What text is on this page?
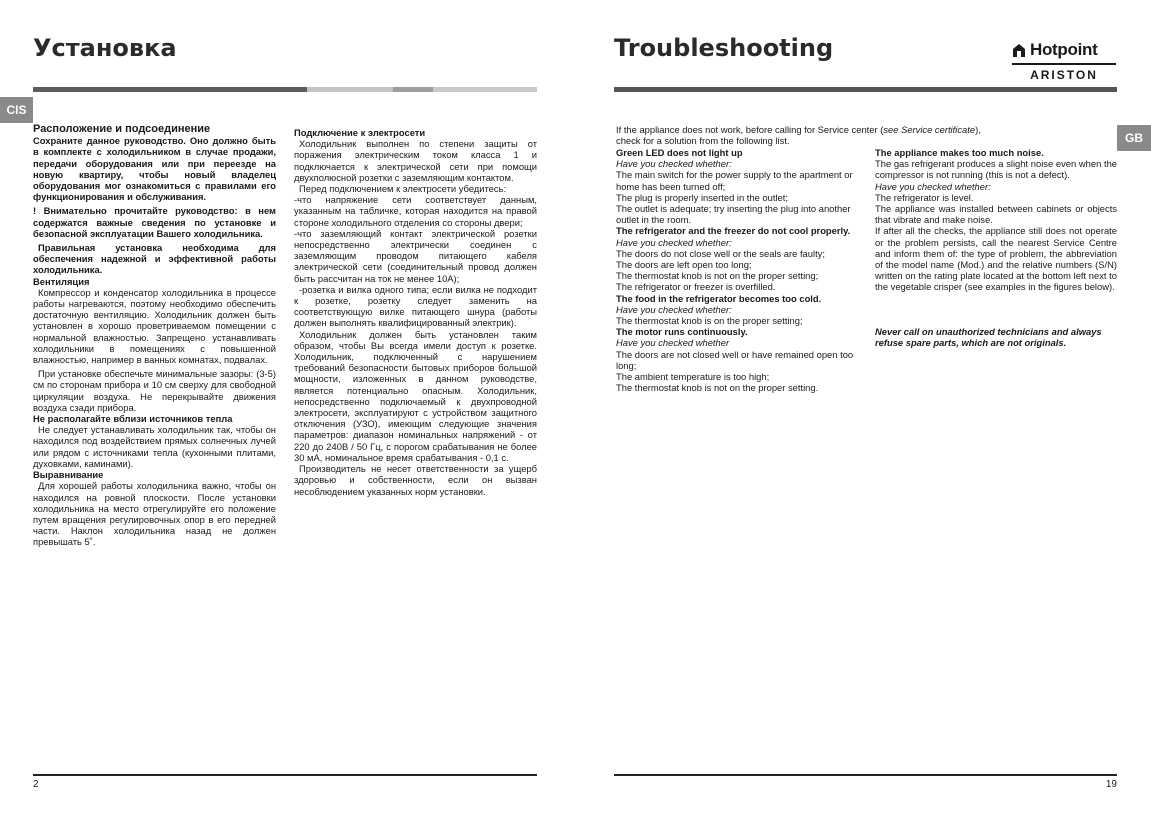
Установка
CIS

Расположение и подсоединение

Сохраните данное руководство. Оно должно быть в комплекте с холодильником в случае продажи, передачи оборудования или при переезде на новую квартиру, чтобы новый владелец оборудования мог ознакомиться с правилами его функционирования и обслуживания.

! Внимательно прочитайте руководство: в нем содержатся важные сведения по установке и безопасной эксплуатации Вашего холодильника.

Правильная установка необходима для обеспечения надежной и эффективной работы холодильника.

Вентиляция

Компрессор и конденсатор холодильника в процессе работы нагреваются, поэтому необходимо обеспечить достаточную вентиляцию. Холодильник должен быть установлен в хорошо проветриваемом помещении с нормальной влажностью. Запрещено устанавливать холодильники в помещениях с повышенной влажностью, например в ванных комнатах, подвалах.

При установке обеспечьте минимальные зазоры: (3-5) см по сторонам прибора и 10 см сверху для свободной циркуляции воздуха. Не перекрывайте движения воздуха сзади прибора.

Не располагайте вблизи источников тепла

Не следует устанавливать холодильник так, чтобы он находился под воздействием прямых солнечных лучей или рядом с источниками тепла (кухонными плитами, духовками, каминами).

Выравнивание

Для хорошей работы холодильника важно, чтобы он находился на ровной плоскости. После установки холодильника на место отрегулируйте его положение путем вращения регулировочных опор в его передней части. Наклон холодильника назад не должен превышать 5˚.

Подключение к электросети

Холодильник выполнен по степени защиты от поражения электрическим током класса 1 и подключается к электрической сети при помощи двухполюсной розетки с заземляющим контактом.

Перед подключением к электросети убедитесь:

-что напряжение сети соответствует данным, указанным на табличке, которая находится на правой стороне холодильного отделения со стороны двери;

-что заземляющий контакт электрической розетки непосредственно электрически соединен с заземляющим проводом питающего кабеля электрической сети (соединительный провод должен быть рассчитан на ток не менее 10А);

-розетка и вилка одного типа; если вилка не подходит к розетке, розетку следует заменить на соответствующую вилке питающего шнура (работы должен выполнять квалифицированный электрик).

Холодильник должен быть установлен таким образом, чтобы Вы всегда имели доступ к розетке. Холодильник, подключенный с нарушением требований безопасности бытовых приборов большой мощности, изложенных в данном руководстве, является потенциально опасным. Холодильник, непосредственно подключаемый к двухпроводной электросети, эксплуатируют с устройством защитного отключения (УЗО), имеющим следующие значения параметров: диапазон номинальных напряжений - от 220 до 240В / 50 Гц, с порогом срабатывания не более 30 мА, номинальное время срабатывания - 0,1 с.

Производитель не несет ответственности за ущерб здоровью и собственности, если он вызван несоблюдением указанных норм установки.

2
Troubleshooting	Hotpoint
ARISTON
GB

If the appliance does not work, before calling for Service center (see Service certificate),

check for a solution from the following list.

Green LED does not light up

Have you checked whether:

The main switch for the power supply to the apartment or home has been turned off;

The plug is properly inserted in the outlet;

The outlet is adequate; try inserting the plug into another outlet in the room.

The refrigerator and the freezer do not cool properly.

Have you checked whether:

The doors do not close well or the seals are faulty;

The doors are left open too long;

The thermostat knob is not on the proper setting;

The refrigerator or freezer is overfilled.

The food in the refrigerator becomes too cold.

Have you checked whether:

The thermostat knob is on the proper setting;

The motor runs continuously.

Have you checked whether

The doors are not closed well or have remained open too long;

The ambient temperature is too high;

The thermostat knob is not on the proper setting.

The appliance makes too much noise.

The gas refrigerant produces a slight noise even when the compressor is not running (this is not a defect).

Have you checked whether:

The refrigerator is level.

The appliance was installed between cabinets or objects that vibrate and make noise.

If after all the checks, the appliance still does not operate or the problem persists, call the nearest Service Centre and inform them of: the type of problem, the abbreviation of the model name (Mod.) and the relative numbers (S/N) written on the rating plate located at the bottom left next to the vegetable crisper (see examples in the figures below).

Never call on unauthorized technicians and always refuse spare parts, which are not originals.

19
